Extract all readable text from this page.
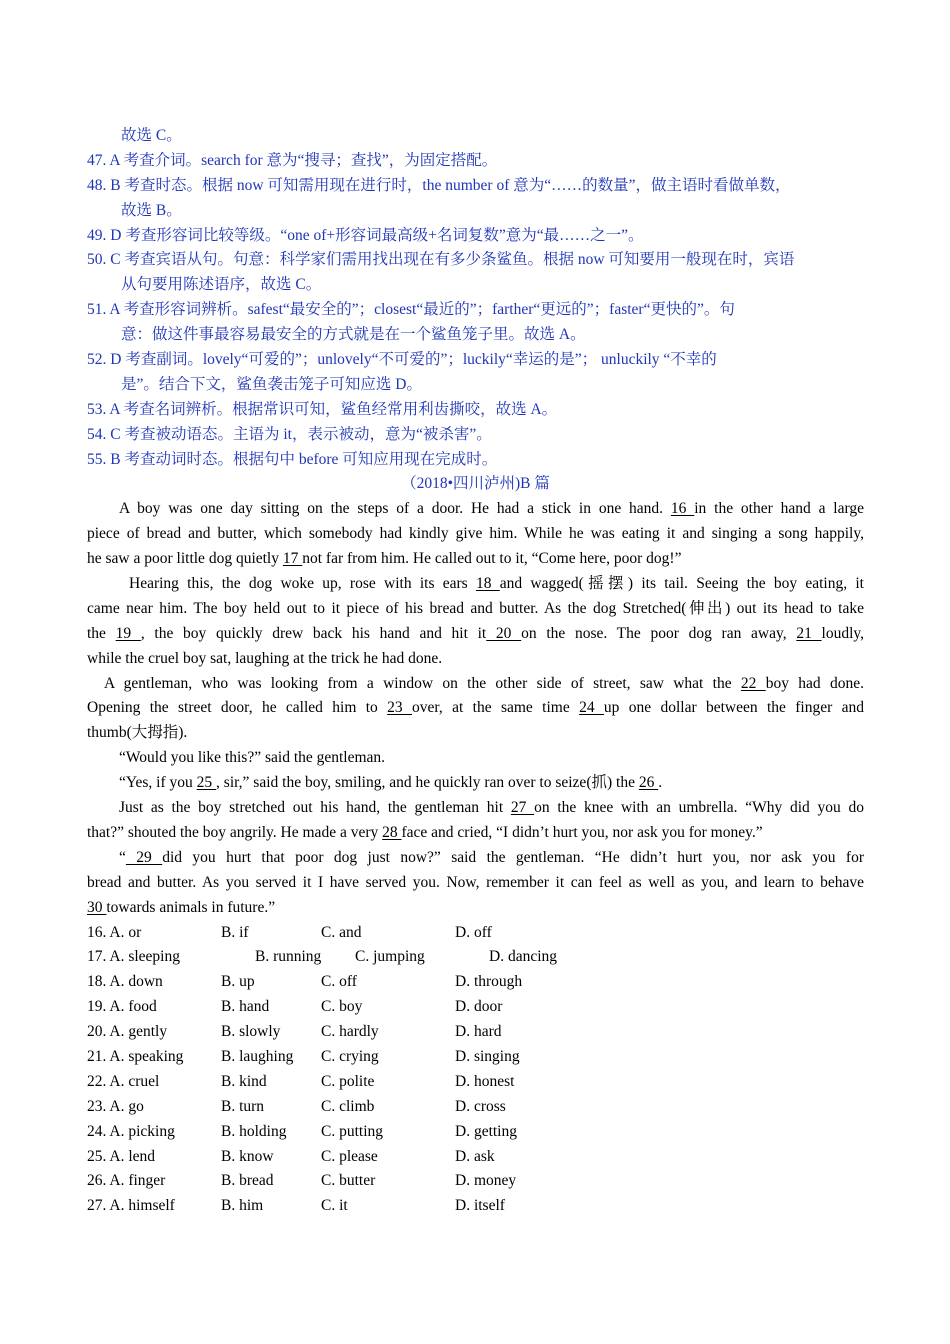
故选 C。
47. A 考查介词。search for 意为“搜寻；查找”，为固定搭配。
48. B 考查时态。根据 now 可知需用现在进行时，the number of 意为“……的数量”，做主语时看做单数，
故选 B。
49. D 考查形容词比较等级。“one of+形容词最高级+名词复数”意为“最……之一”。
50. C 考查宾语从句。句意：科学家们需用找出现在有多少条鲨鱼。根据 now 可知要用一般现在时，宾语
从句要用陈述语序，故选 C。
51. A 考查形容词辨析。safest“最安全的”；closest“最近的”；farther“更远的”；faster“更快的”。句
意：做这件事最容易最安全的方式就是在一个鲨鱼笼子里。故选 A。
52. D 考查副词。lovely“可爱的”；unlovely“不可爱的”；luckily“幸运的是”； unluckily “不幸的
是”。结合下文，鲨鱼袭击笼子可知应选 D。
53. A 考查名词辨析。根据常识可知，鲨鱼经常用利齿撕咬，故选 A。
54. C 考查被动语态。主语为 it，表示被动，意为“被杀害”。
55. B 考查动词时态。根据句中 before 可知应用现在完成时。
（2018•四川泸州)B 篇
A boy was one day sitting on the steps of a door. He had a stick in one hand. 16 in the other hand a large
piece of bread and butter, which somebody had kindly give him. While he was eating it and singing a song happily,
he saw a poor little dog quietly 17 not far from him. He called out to it, “Come here, poor dog!”
Hearing this, the dog woke up, rose with its ears 18 and wagged(摇摆) its tail. Seeing the boy eating, it
came near him. The boy held out to it piece of his bread and butter. As the dog Stretched(伸出) out its head to take
the 19 , the boy quickly drew back his hand and hit it 20 on the nose. The poor dog ran away, 21 loudly,
while the cruel boy sat, laughing at the trick he had done.
A gentleman, who was looking from a window on the other side of street, saw what the 22 boy had done.
Opening the street door, he called him to 23 over, at the same time 24 up one dollar between the finger and
thumb(大拇指).
“Would you like this?” said the gentleman.
“Yes, if you 25 , sir,” said the boy, smiling, and he quickly ran over to seize(抓) the 26 .
Just as the boy stretched out his hand, the gentleman hit 27 on the knee with an umbrella. “Why did you do
that?” shouted the boy angrily. He made a very 28 face and cried, “I didn’t hurt you, nor ask you for money.”
“ 29 did you hurt that poor dog just now?” said the gentleman. “He didn’t hurt you, nor ask you for
bread and butter. As you served it I have served you. Now, remember it can feel as well as you, and learn to behave
30 towards animals in future.”
16. A. or	B. if	C. and	D. off
17. A. sleeping	B. running C. jumping	D. dancing
18. A. down	B. up	C. off	D. through
19. A. food	B. hand	C. boy	D. door
20. A. gently	B. slowly	C. hardly	D. hard
21. A. speaking B. laughing C. crying	D. singing
22. A. cruel	B. kind	C. polite	D. honest
23. A. go	B. turn	C. climb	D. cross
24. A. picking	B. holding C. putting	D. getting
25. A. lend	B. know	C. please	D. ask
26. A. finger	B. bread	C. butter	D. money
27. A. himself	B. him	C. it	D. itself
